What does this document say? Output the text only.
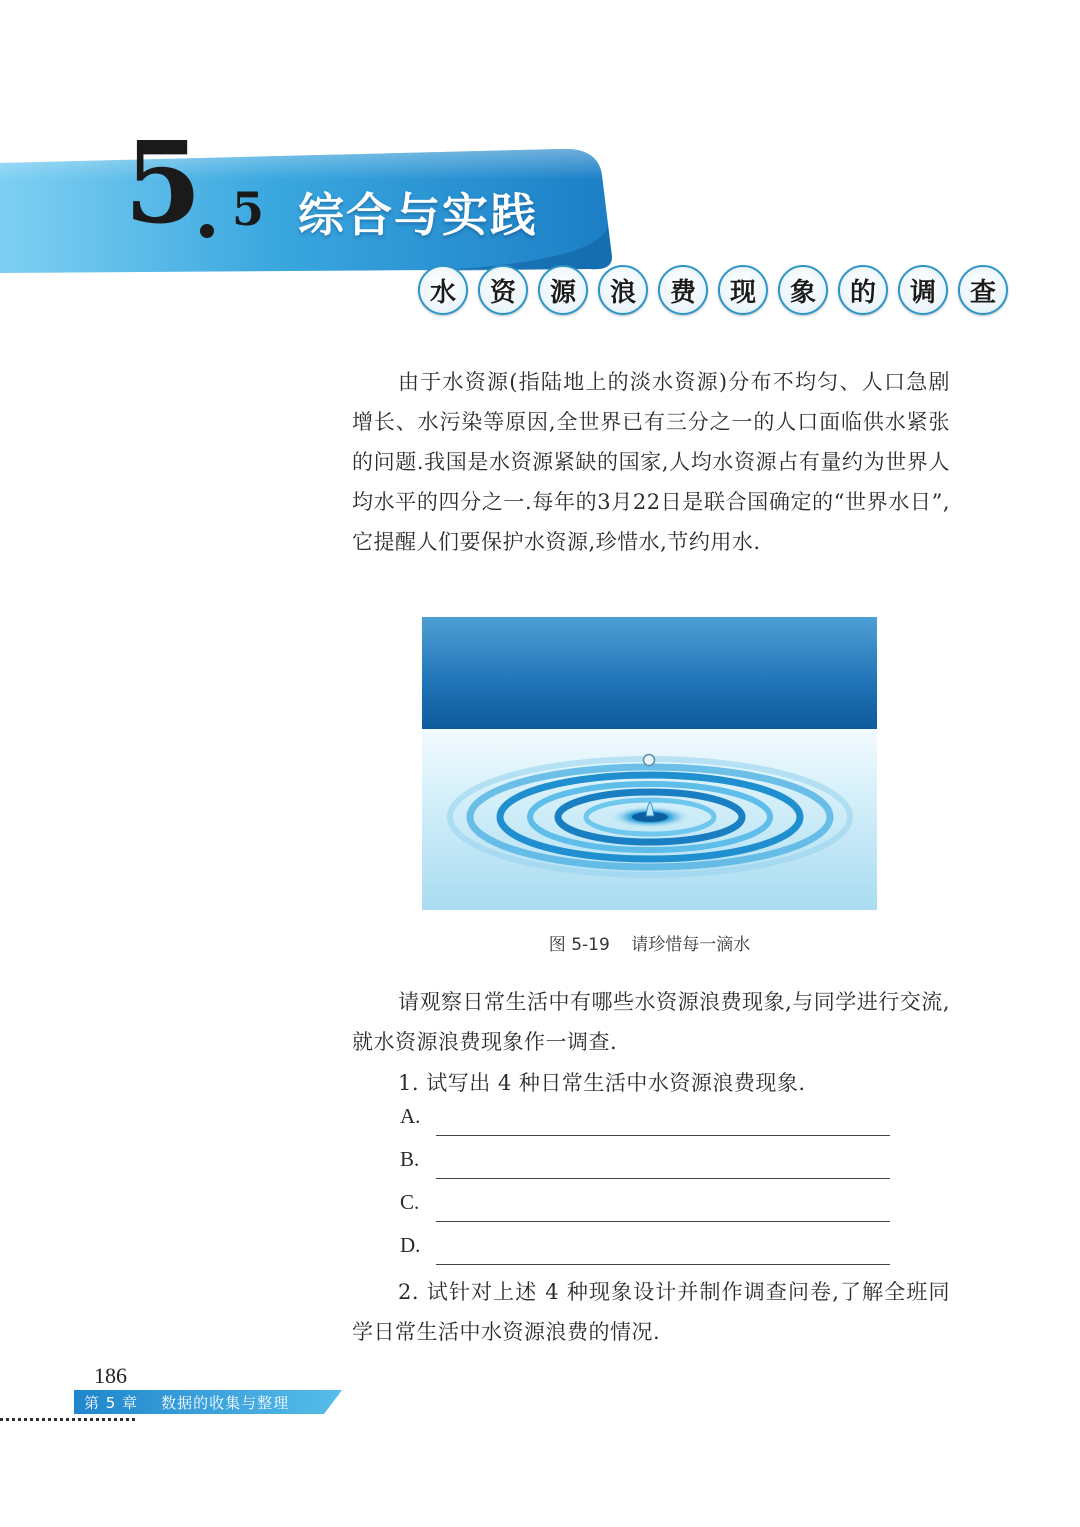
5 5 综合与实践
水	资	源	浪	费	现	象	的	调	查

由于水资源(指陆地上的淡水资源)分布不均匀、人口急剧增长、水污染等原因,全世界已有三分之一的人口面临供水紧张的问题.我国是水资源紧缺的国家,人均水资源占有量约为世界人均水平的四分之一.每年的3月22日是联合国确定的“世界水日”,它提醒人们要保护水资源,珍惜水,节约用水.

图 5-19 请珍惜每一滴水

请观察日常生活中有哪些水资源浪费现象,与同学进行交流,就水资源浪费现象作一调查.

1. 试写出 4 种日常生活中水资源浪费现象.
A.
B.
C.
D.
2. 试针对上述 4 种现象设计并制作调查问卷,了解全班同学日常生活中水资源浪费的情况.
186
第 5 章    数据的收集与整理
